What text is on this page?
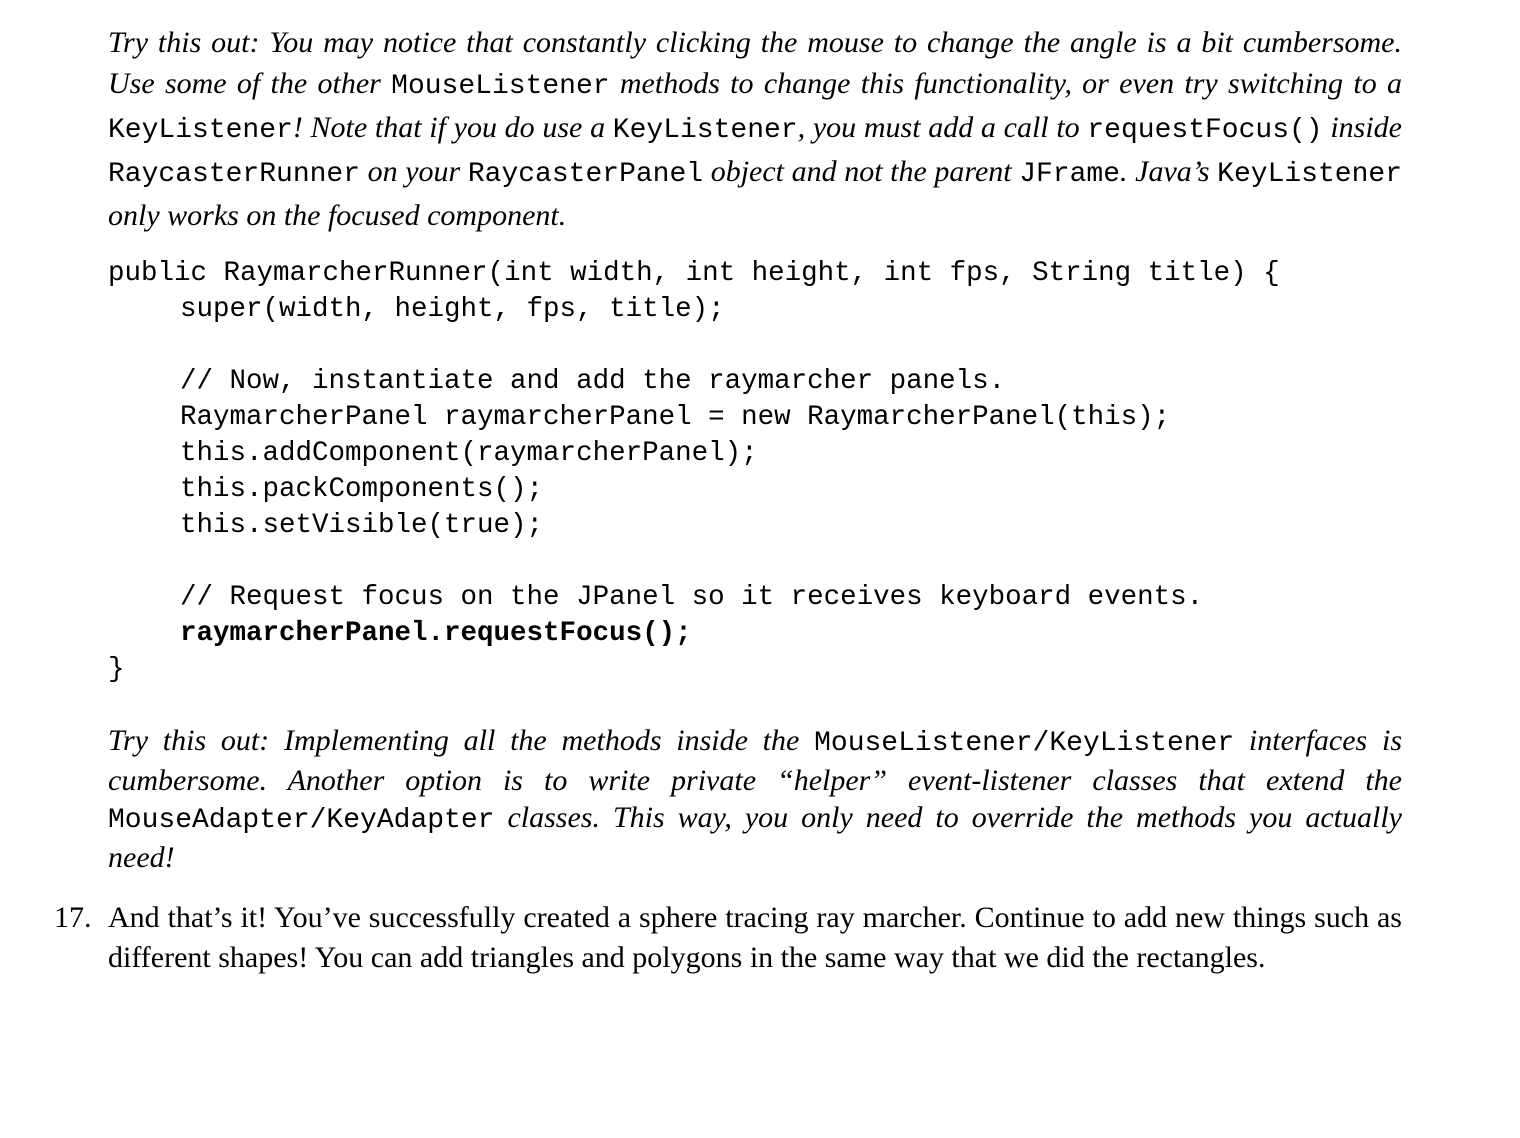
Try this out: You may notice that constantly clicking the mouse to change the angle is a bit cumbersome. Use some of the other MouseListener methods to change this functionality, or even try switching to a KeyListener! Note that if you do use a KeyListener, you must add a call to requestFocus() inside RaycasterRunner on your RaycasterPanel object and not the parent JFrame. Java’s KeyListener only works on the focused component.
public RaymarcherRunner(int width, int height, int fps, String title) {
super(width, height, fps, title);
// Now, instantiate and add the raymarcher panels.
RaymarcherPanel raymarcherPanel = new RaymarcherPanel(this);
this.addComponent(raymarcherPanel);
this.packComponents();
this.setVisible(true);
// Request focus on the JPanel so it receives keyboard events.
raymarcherPanel.requestFocus();
}
Try this out: Implementing all the methods inside the MouseListener/KeyListener interfaces is cumbersome. Another option is to write private “helper” event-listener classes that extend the MouseAdapter/KeyAdapter classes. This way, you only need to override the methods you actually need!
17. And that’s it! You’ve successfully created a sphere tracing ray marcher. Continue to add new things such as different shapes! You can add triangles and polygons in the same way that we did the rectangles.
